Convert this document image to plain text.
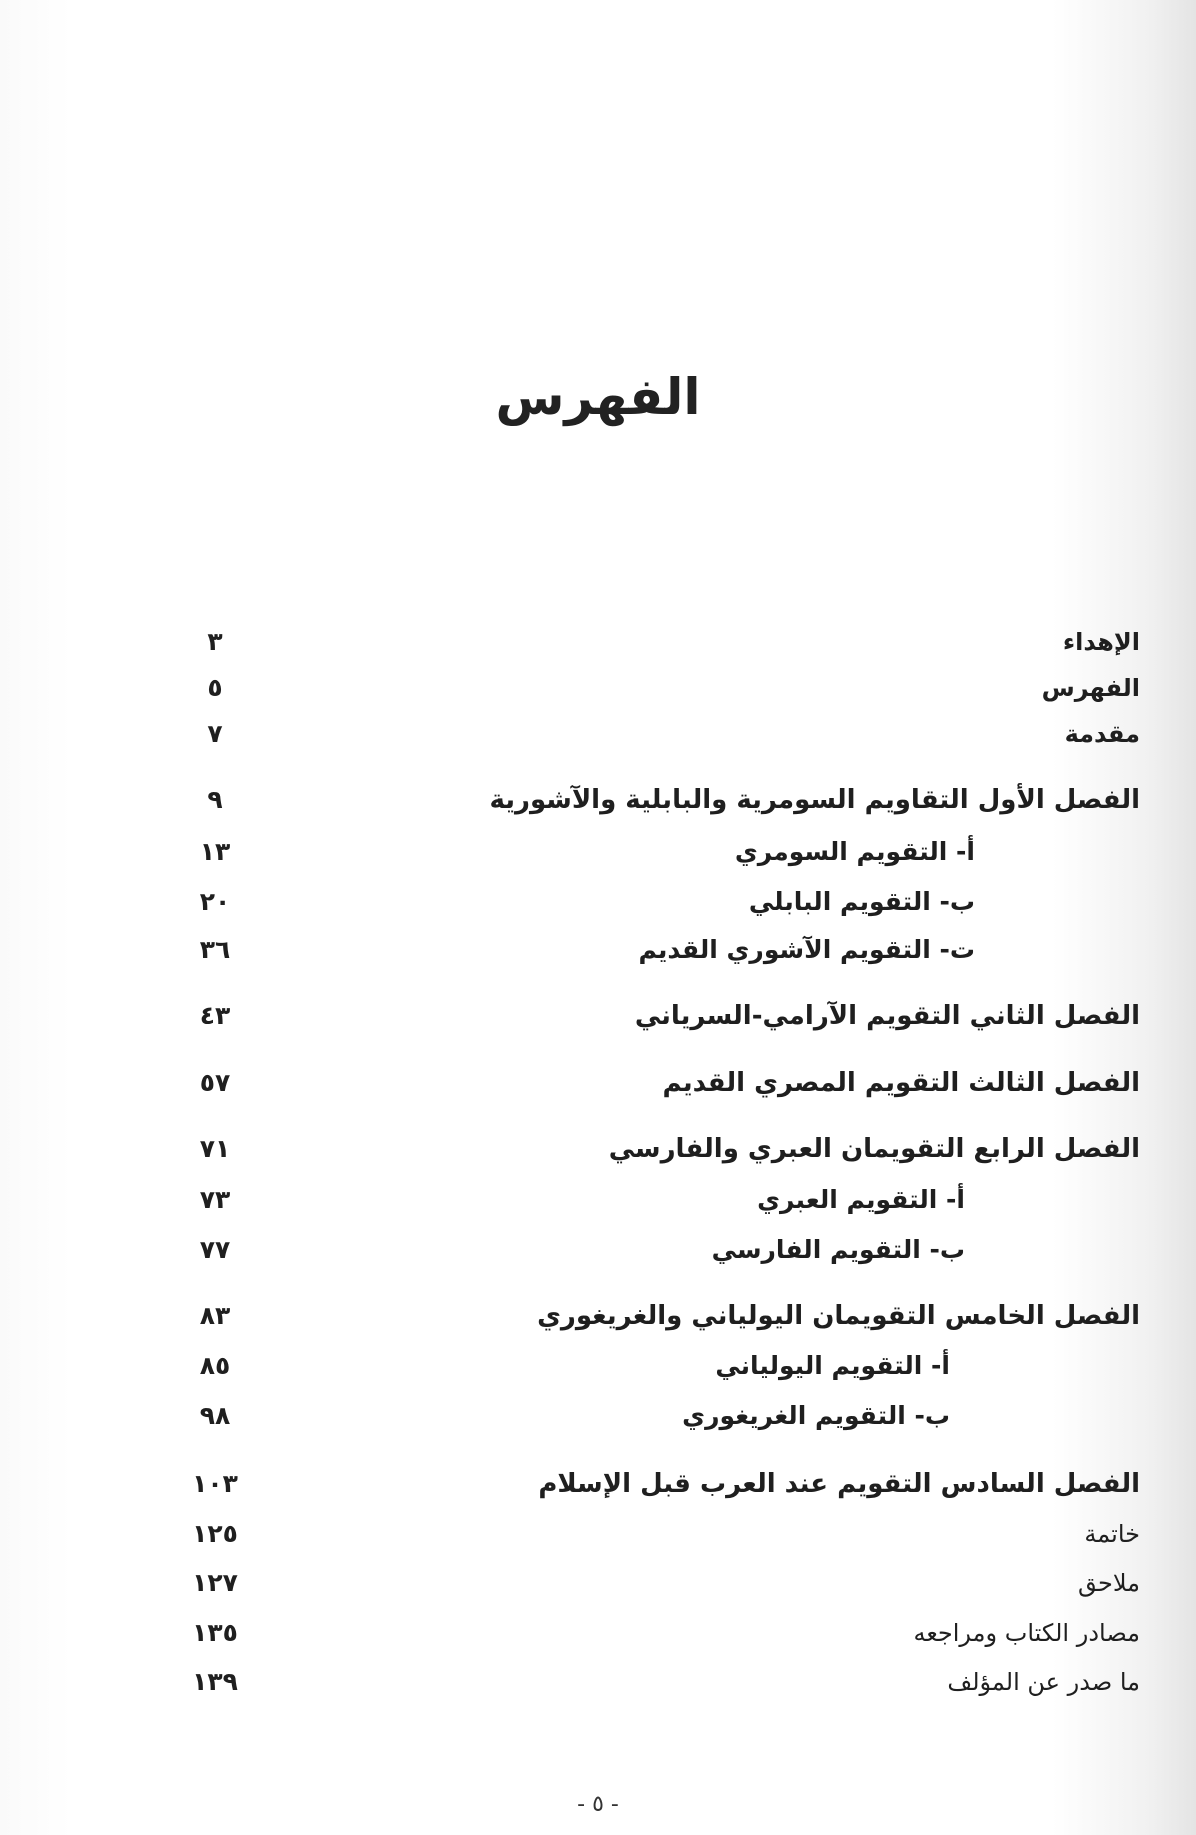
الفهرس
الإهداء
٣
الفهرس
٥
مقدمة
٧
الفصل الأول التقاويم السومرية والبابلية والآشورية
٩
أ- التقويم السومري
١٣
ب- التقويم البابلي
٢٠
ت- التقويم الآشوري القديم
٣٦
الفصل الثاني التقويم الآرامي-السرياني
٤٣
الفصل الثالث التقويم المصري القديم
٥٧
الفصل الرابع التقويمان العبري والفارسي
٧١
أ- التقويم العبري
٧٣
ب- التقويم الفارسي
٧٧
الفصل الخامس التقويمان اليولياني والغريغوري
٨٣
أ- التقويم اليولياني
٨٥
ب- التقويم الغريغوري
٩٨
الفصل السادس التقويم عند العرب قبل الإسلام
١٠٣
خاتمة
١٢٥
ملاحق
١٢٧
مصادر الكتاب ومراجعه
١٣٥
ما صدر عن المؤلف
١٣٩
- ٥ -
